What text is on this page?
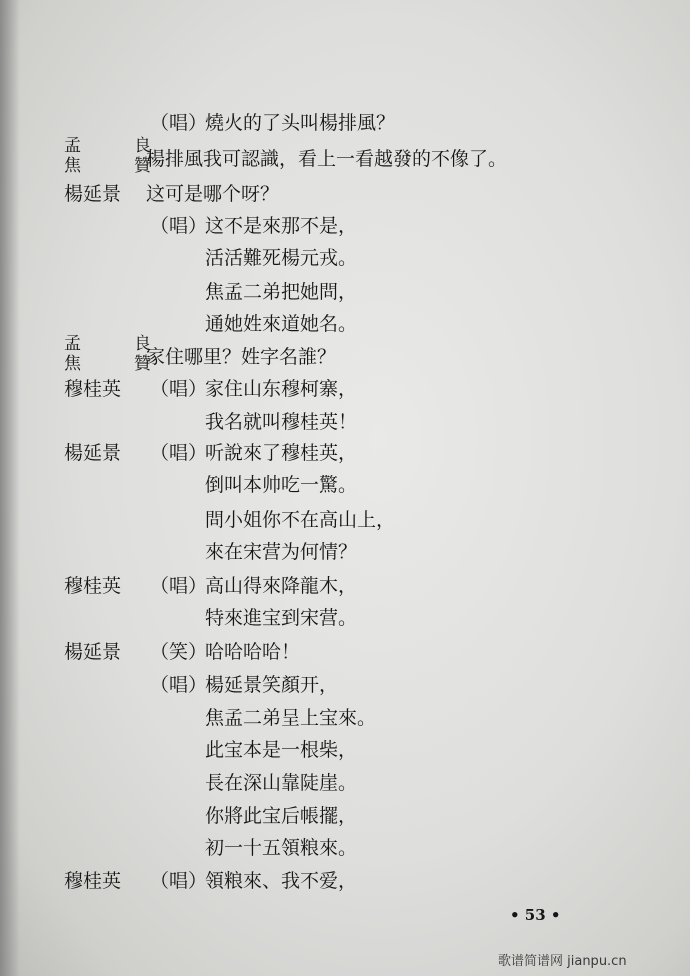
（唱）
燒火的了头叫楊排風？
孟　良
焦　贊
楊排風我可認識，看上一看越發的不像了。
楊延景 这可是哪个呀？
（唱）
这不是來那不是，
活活難死楊元戎。
焦孟二弟把她問，
通她姓來道她名。
孟　良
焦　贊
家住哪里？姓字名誰？
穆桂英 （唱）
家住山东穆柯寨，
我名就叫穆桂英！
楊延景 （唱）
听說來了穆桂英，
倒叫本帅吃一驚。
問小姐你不在高山上，
來在宋营为何情？
穆桂英 （唱）
高山得來降龍木，
特來進宝到宋营。
楊延景 （笑）
哈哈哈哈！
（唱）
楊延景笑顏开，
焦孟二弟呈上宝來。
此宝本是一根柴，
長在深山靠陡崖。
你將此宝后帳擺，
初一十五領粮來。
穆桂英 （唱）
領粮來、我不爱，
• 53 •
歌谱简谱网 jianpu.cn
